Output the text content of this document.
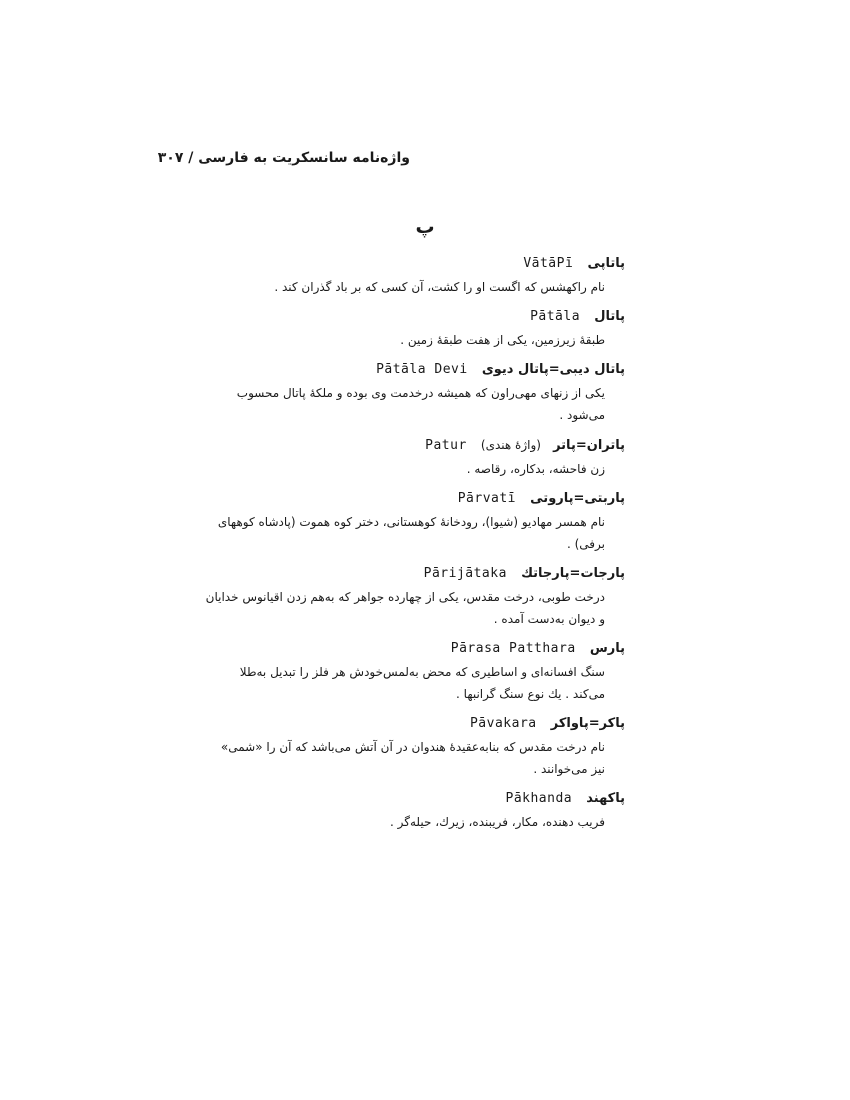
واژه‌نامه سانسکریت به فارسی / ۳۰۷
پ
پاتاپی VātāPī
نام راکهشس که اگست او را کشت، آن کسی که بر باد گذران کند .
پاتال Pātāla
طبقهٔ زیرزمین، یکی از هفت طبقهٔ زمین .
پاتال دیبی=پاتال دیوی Pātāla Devi
یکی از زنهای مهی‌راون که همیشه درخدمت وی بوده و ملکهٔ پاتال محسوب می‌شود .
پاتران=پاتر (واژهٔ هندی) Patur
زن فاحشه، بدکاره، رقاصه .
پاربتی=پاروتی Pārvatī
نام همسر مهادیو (شیوا)، رودخانهٔ کوهستانی، دختر کوه هموت (پادشاه کوههای برفی) .
پارجات=پارجاتك Pārijātaka
درخت طوبی، درخت مقدس، یکی از چهارده جواهر که به‌هم زدن اقیانوس خدایان و دیوان به‌دست آمده .
پارس Pārasa Patthara
سنگ افسانه‌ای و اساطیری که محض به‌لمس‌خودش هر فلز را تبدیل به‌طلا می‌کند . یك نوع سنگ گرانبها .
پاکر=پاواکر Pāvakara
نام درخت مقدس که بنابه‌عقیدهٔ هندوان در آن آتش می‌باشد که آن را «شمی» نیز می‌خوانند .
پاکهند Pākhanda
فریب دهنده، مکار، فریبنده، زیرك، حیله‌گر .
